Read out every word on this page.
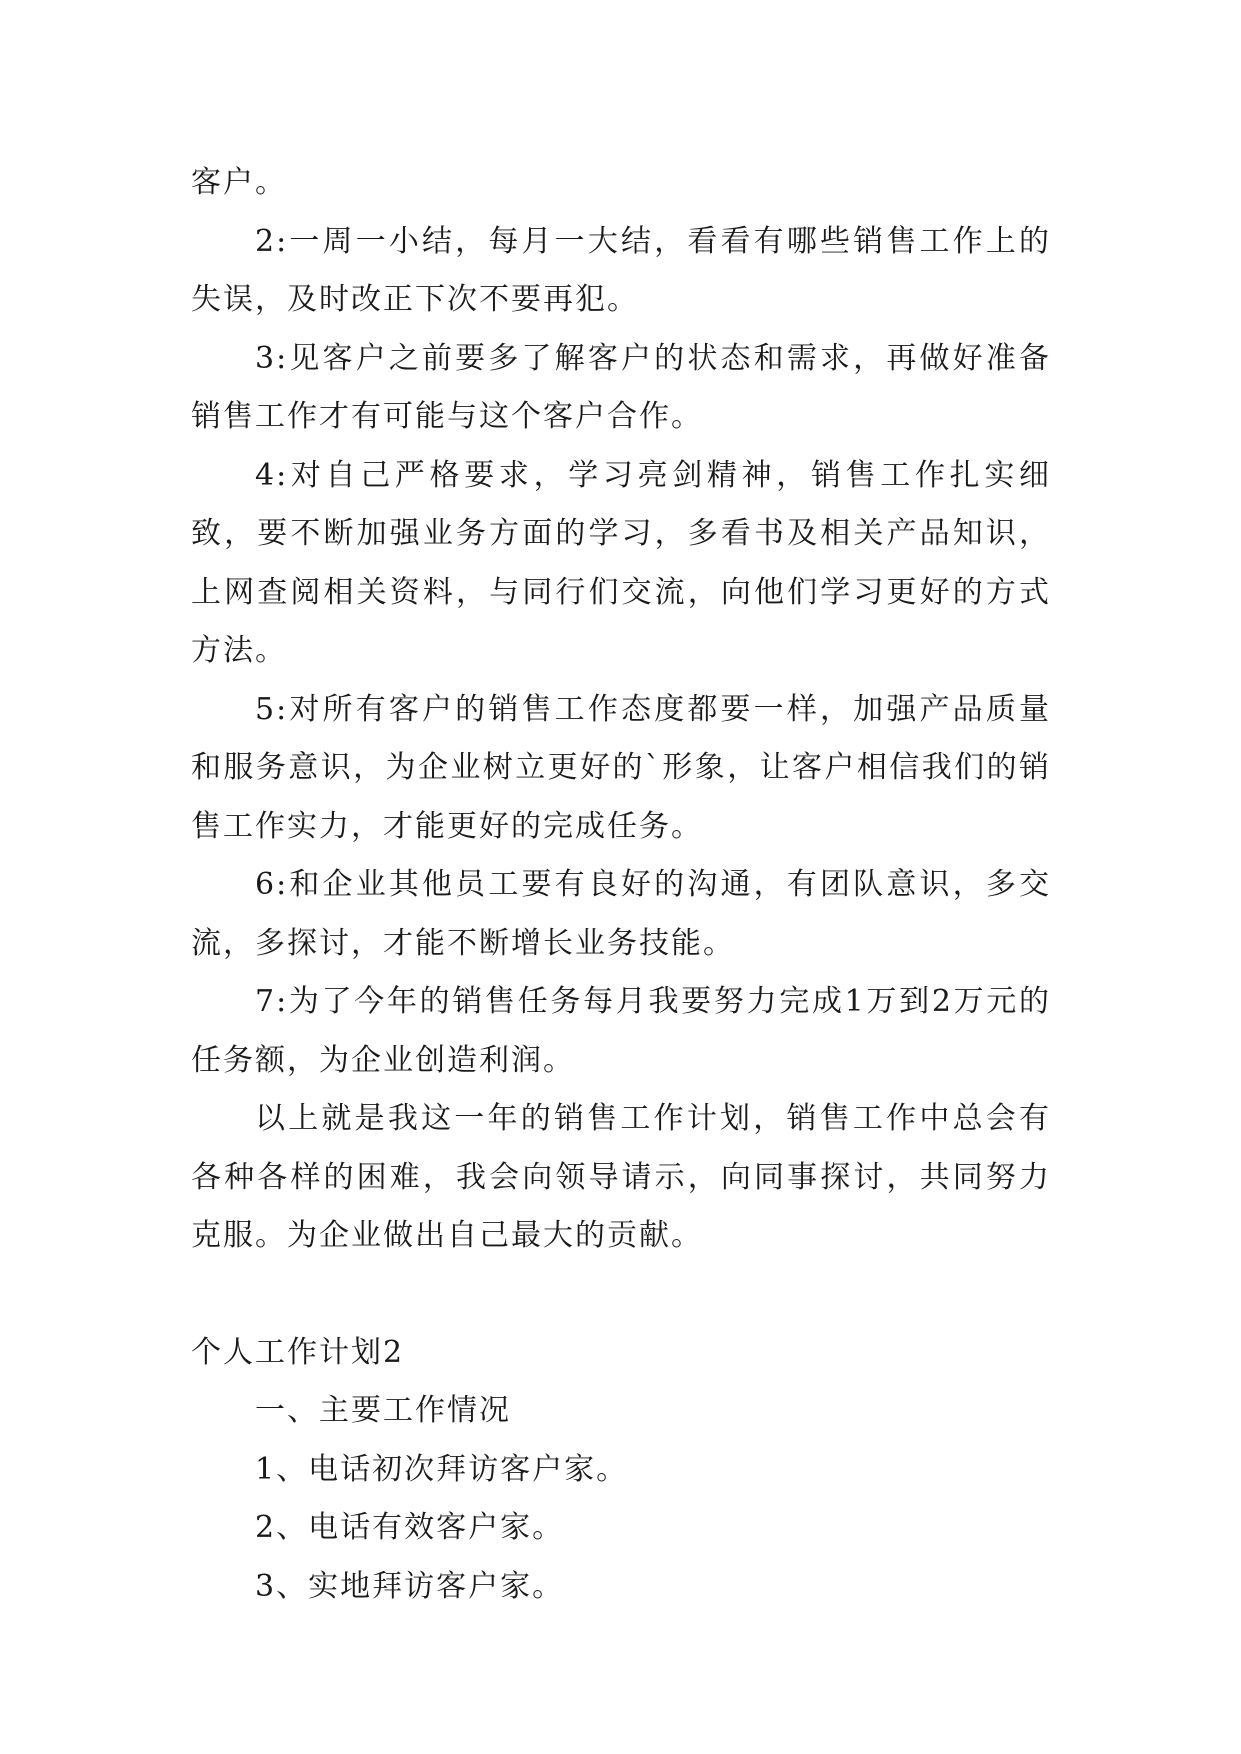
客户。

2:一周一小结，每月一大结，看看有哪些销售工作上的失误，及时改正下次不要再犯。

3:见客户之前要多了解客户的状态和需求，再做好准备销售工作才有可能与这个客户合作。

4:对自己严格要求，学习亮剑精神，销售工作扎实细致，要不断加强业务方面的学习，多看书及相关产品知识，上网查阅相关资料，与同行们交流，向他们学习更好的方式方法。

5:对所有客户的销售工作态度都要一样，加强产品质量和服务意识，为企业树立更好的`形象，让客户相信我们的销售工作实力，才能更好的完成任务。

6:和企业其他员工要有良好的沟通，有团队意识，多交流，多探讨，才能不断增长业务技能。

7:为了今年的销售任务每月我要努力完成1万到2万元的任务额，为企业创造利润。

以上就是我这一年的销售工作计划，销售工作中总会有各种各样的困难，我会向领导请示，向同事探讨，共同努力克服。为企业做出自己最大的贡献。

个人工作计划2

一、主要工作情况

1、电话初次拜访客户家。

2、电话有效客户家。

3、实地拜访客户家。
